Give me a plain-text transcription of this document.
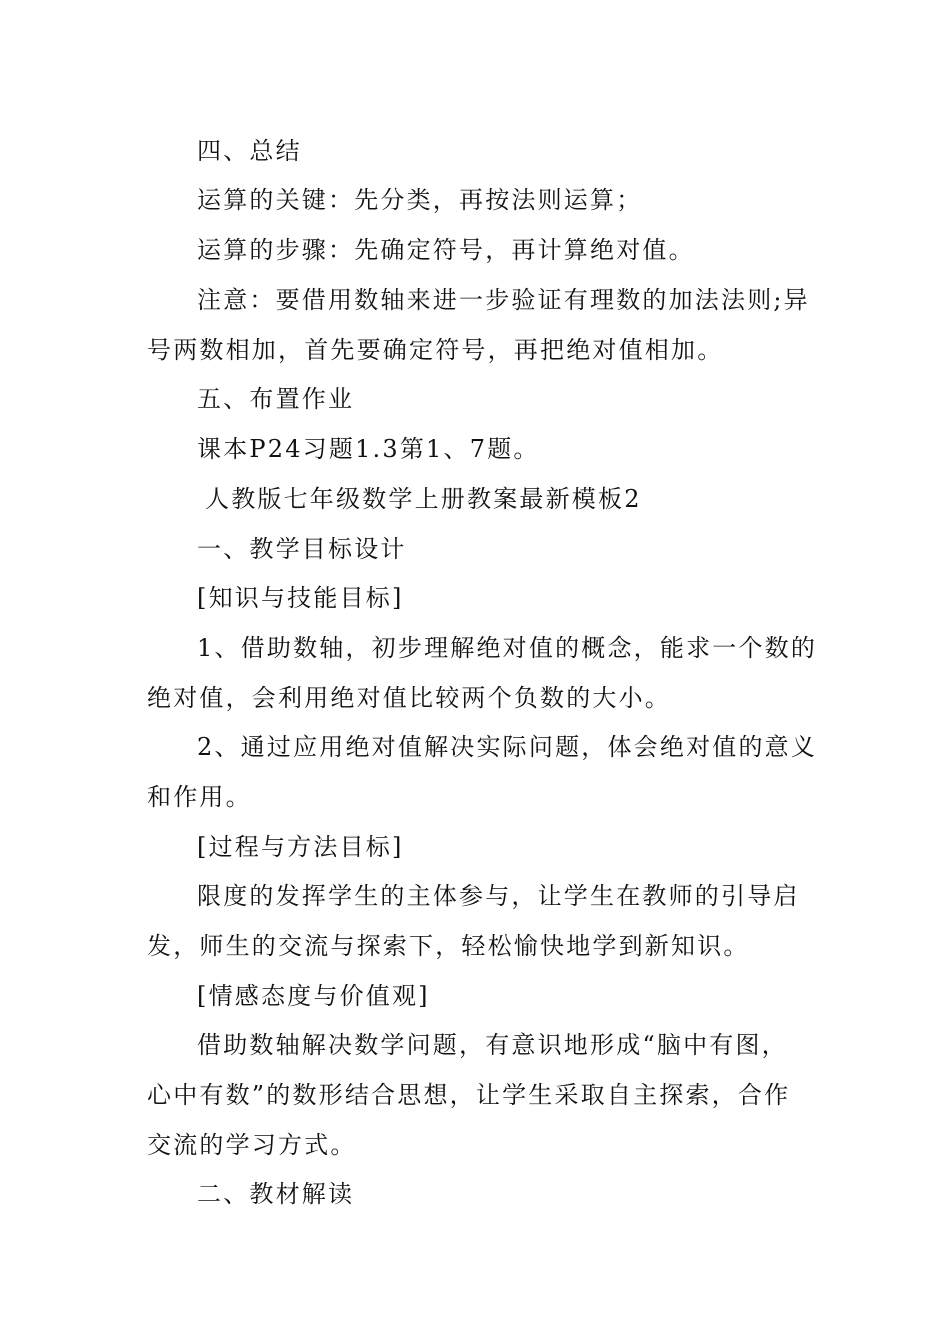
四、总结
运算的关键：先分类，再按法则运算；
运算的步骤：先确定符号，再计算绝对值。
注意：要借用数轴来进一步验证有理数的加法法则;异
号两数相加，首先要确定符号，再把绝对值相加。
五、布置作业
课本P24习题1.3第1、7题。
人教版七年级数学上册教案最新模板2
一、教学目标设计
[知识与技能目标]
1、借助数轴，初步理解绝对值的概念，能求一个数的
绝对值，会利用绝对值比较两个负数的大小。
2、通过应用绝对值解决实际问题，体会绝对值的意义
和作用。
[过程与方法目标]
限度的发挥学生的主体参与，让学生在教师的引导启
发，师生的交流与探索下，轻松愉快地学到新知识。
[情感态度与价值观]
借助数轴解决数学问题，有意识地形成“脑中有图，
心中有数”的数形结合思想，让学生采取自主探索，合作
交流的学习方式。
二、教材解读
